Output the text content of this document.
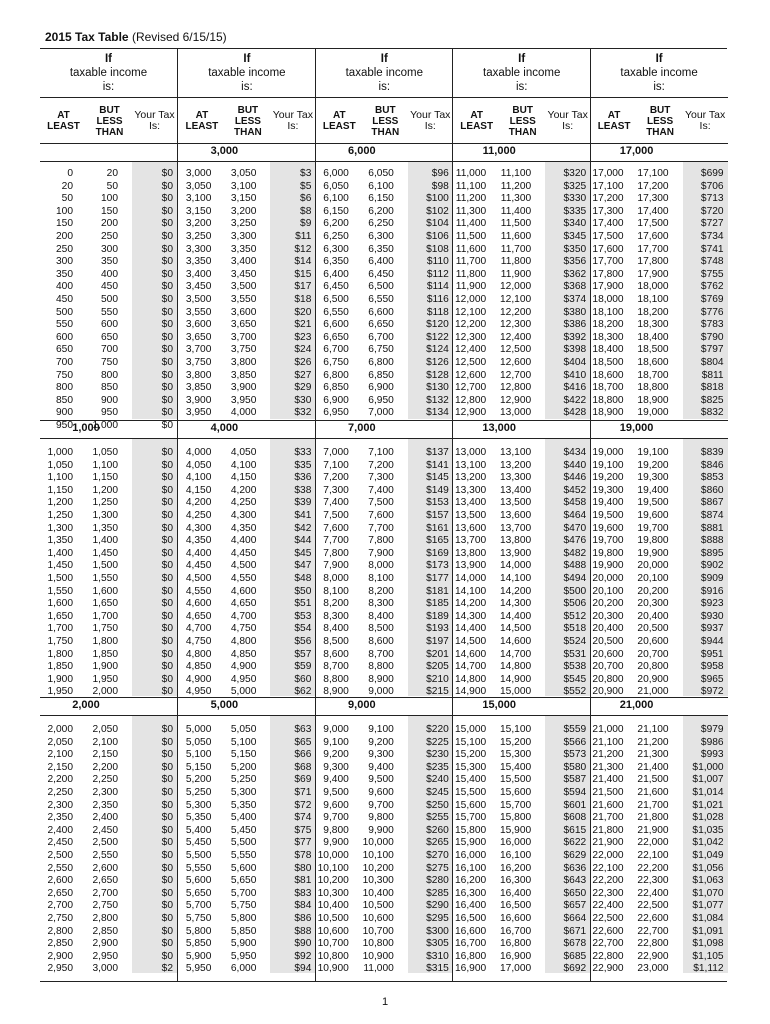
2015 Tax Table (Revised 6/15/15)
If
taxable income
is:
AT LEAST
BUT LESS THAN
Your Tax Is:
0	20	$0
20	50	$0
50	100	$0
100	150	$0
150	200	$0
200	250	$0
250	300	$0
300	350	$0
350	400	$0
400	450	$0
450	500	$0
500	550	$0
550	600	$0
600	650	$0
650	700	$0
700	750	$0
750	800	$0
800	850	$0
850	900	$0
900	950	$0
950 1,000	$0
1,000
1,000 1,050	$0
1,050 1,100	$0
1,100 1,150	$0
1,150 1,200	$0
1,200 1,250	$0
1,250 1,300	$0
1,300 1,350	$0
1,350 1,400	$0
1,400 1,450	$0
1,450 1,500	$0
1,500 1,550	$0
1,550 1,600	$0
1,600 1,650	$0
1,650 1,700	$0
1,700 1,750	$0
1,750 1,800	$0
1,800 1,850	$0
1,850 1,900	$0
1,900 1,950	$0
1,950 2,000	$0
2,000
2,000 2,050	$0
2,050 2,100	$0
2,100 2,150	$0
2,150 2,200	$0
2,200 2,250	$0
2,250 2,300	$0
2,300 2,350	$0
2,350 2,400	$0
2,400 2,450	$0
2,450 2,500	$0
2,500 2,550	$0
2,550 2,600	$0
2,600 2,650	$0
2,650 2,700	$0
2,700 2,750	$0
2,750 2,800	$0
2,800 2,850	$0
2,850 2,900	$0
2,900 2,950	$0
2,950 3,000	$2
If
taxable income
is:
AT LEAST
BUT LESS THAN
Your Tax Is:
3,000
3,000 3,050	$3
3,050 3,100	$5
3,100 3,150	$6
3,150 3,200	$8
3,200 3,250	$9
3,250 3,300	$11
3,300 3,350	$12
3,350 3,400	$14
3,400 3,450	$15
3,450 3,500	$17
3,500 3,550	$18
3,550 3,600	$20
3,600 3,650	$21
3,650 3,700	$23
3,700 3,750	$24
3,750 3,800	$26
3,800 3,850	$27
3,850 3,900	$29
3,900 3,950	$30
3,950 4,000	$32
4,000
4,000 4,050	$33
4,050 4,100	$35
4,100 4,150	$36
4,150 4,200	$38
4,200 4,250	$39
4,250 4,300	$41
4,300 4,350	$42
4,350 4,400	$44
4,400 4,450	$45
4,450 4,500	$47
4,500 4,550	$48
4,550 4,600	$50
4,600 4,650	$51
4,650 4,700	$53
4,700 4,750	$54
4,750 4,800	$56
4,800 4,850	$57
4,850 4,900	$59
4,900 4,950	$60
4,950 5,000	$62
5,000
5,000 5,050	$63
5,050 5,100	$65
5,100 5,150	$66
5,150 5,200	$68
5,200 5,250	$69
5,250 5,300	$71
5,300 5,350	$72
5,350 5,400	$74
5,400 5,450	$75
5,450 5,500	$77
5,500 5,550	$78
5,550 5,600	$80
5,600 5,650	$81
5,650 5,700	$83
5,700 5,750	$84
5,750 5,800	$86
5,800 5,850	$88
5,850 5,900	$90
5,900 5,950	$92
5,950 6,000	$94
If
taxable income
is:
AT LEAST
BUT LESS THAN
Your Tax Is:
6,000
6,000 6,050	$96
6,050 6,100	$98
6,100 6,150	$100
6,150 6,200	$102
6,200 6,250	$104
6,250 6,300	$106
6,300 6,350	$108
6,350 6,400	$110
6,400 6,450	$112
6,450 6,500	$114
6,500 6,550	$116
6,550 6,600	$118
6,600 6,650	$120
6,650 6,700	$122
6,700 6,750	$124
6,750 6,800	$126
6,800 6,850	$128
6,850 6,900	$130
6,900 6,950	$132
6,950 7,000	$134
7,000
7,000 7,100	$137
7,100 7,200	$141
7,200 7,300	$145
7,300 7,400	$149
7,400 7,500	$153
7,500 7,600	$157
7,600 7,700	$161
7,700 7,800	$165
7,800 7,900	$169
7,900 8,000	$173
8,000 8,100	$177
8,100 8,200	$181
8,200 8,300	$185
8,300 8,400	$189
8,400 8,500	$193
8,500 8,600	$197
8,600 8,700	$201
8,700 8,800	$205
8,800 8,900	$210
8,900 9,000	$215
9,000
9,000 9,100	$220
9,100 9,200	$225
9,200 9,300	$230
9,300 9,400	$235
9,400 9,500	$240
9,500 9,600	$245
9,600 9,700	$250
9,700 9,800	$255
9,800 9,900	$260
9,900 10,000	$265
10,000 10,100	$270
10,100 10,200	$275
10,200 10,300	$280
10,300 10,400	$285
10,400 10,500	$290
10,500 10,600	$295
10,600 10,700	$300
10,700 10,800	$305
10,800 10,900	$310
10,900 11,000	$315
If
taxable income
is:
AT LEAST
BUT LESS THAN
Your Tax Is:
11,000
11,000 11,100	$320
11,100 11,200	$325
11,200 11,300	$330
11,300 11,400	$335
11,400 11,500	$340
11,500 11,600	$345
11,600 11,700	$350
11,700 11,800	$356
11,800 11,900	$362
11,900 12,000	$368
12,000 12,100	$374
12,100 12,200	$380
12,200 12,300	$386
12,300 12,400	$392
12,400 12,500	$398
12,500 12,600	$404
12,600 12,700	$410
12,700 12,800	$416
12,800 12,900	$422
12,900 13,000	$428
13,000
13,000 13,100	$434
13,100 13,200	$440
13,200 13,300	$446
13,300 13,400	$452
13,400 13,500	$458
13,500 13,600	$464
13,600 13,700	$470
13,700 13,800	$476
13,800 13,900	$482
13,900 14,000	$488
14,000 14,100	$494
14,100 14,200	$500
14,200 14,300	$506
14,300 14,400	$512
14,400 14,500	$518
14,500 14,600	$524
14,600 14,700	$531
14,700 14,800	$538
14,800 14,900	$545
14,900 15,000	$552
15,000
15,000 15,100	$559
15,100 15,200	$566
15,200 15,300	$573
15,300 15,400	$580
15,400 15,500	$587
15,500 15,600	$594
15,600 15,700	$601
15,700 15,800	$608
15,800 15,900	$615
15,900 16,000	$622
16,000 16,100	$629
16,100 16,200	$636
16,200 16,300	$643
16,300 16,400	$650
16,400 16,500	$657
16,500 16,600	$664
16,600 16,700	$671
16,700 16,800	$678
16,800 16,900	$685
16,900 17,000	$692
If
taxable income
is:
AT LEAST
BUT LESS THAN
Your Tax Is:
17,000
17,000 17,100	$699
17,100 17,200	$706
17,200 17,300	$713
17,300 17,400	$720
17,400 17,500	$727
17,500 17,600	$734
17,600 17,700	$741
17,700 17,800	$748
17,800 17,900	$755
17,900 18,000	$762
18,000 18,100	$769
18,100 18,200	$776
18,200 18,300	$783
18,300 18,400	$790
18,400 18,500	$797
18,500 18,600	$804
18,600 18,700	$811
18,700 18,800	$818
18,800 18,900	$825
18,900 19,000	$832
19,000
19,000 19,100	$839
19,100 19,200	$846
19,200 19,300	$853
19,300 19,400	$860
19,400 19,500	$867
19,500 19,600	$874
19,600 19,700	$881
19,700 19,800	$888
19,800 19,900	$895
19,900 20,000	$902
20,000 20,100	$909
20,100 20,200	$916
20,200 20,300	$923
20,300 20,400	$930
20,400 20,500	$937
20,500 20,600	$944
20,600 20,700	$951
20,700 20,800	$958
20,800 20,900	$965
20,900 21,000	$972
21,000
21,000 21,100	$979
21,100 21,200	$986
21,200 21,300	$993
21,300 21,400 $1,000
21,400 21,500 $1,007
21,500 21,600 $1,014
21,600 21,700 $1,021
21,700 21,800 $1,028
21,800 21,900 $1,035
21,900 22,000 $1,042
22,000 22,100 $1,049
22,100 22,200 $1,056
22,200 22,300 $1,063
22,300 22,400 $1,070
22,400 22,500 $1,077
22,500 22,600 $1,084
22,600 22,700 $1,091
22,700 22,800 $1,098
22,800 22,900 $1,105
22,900 23,000 $1,112
1
